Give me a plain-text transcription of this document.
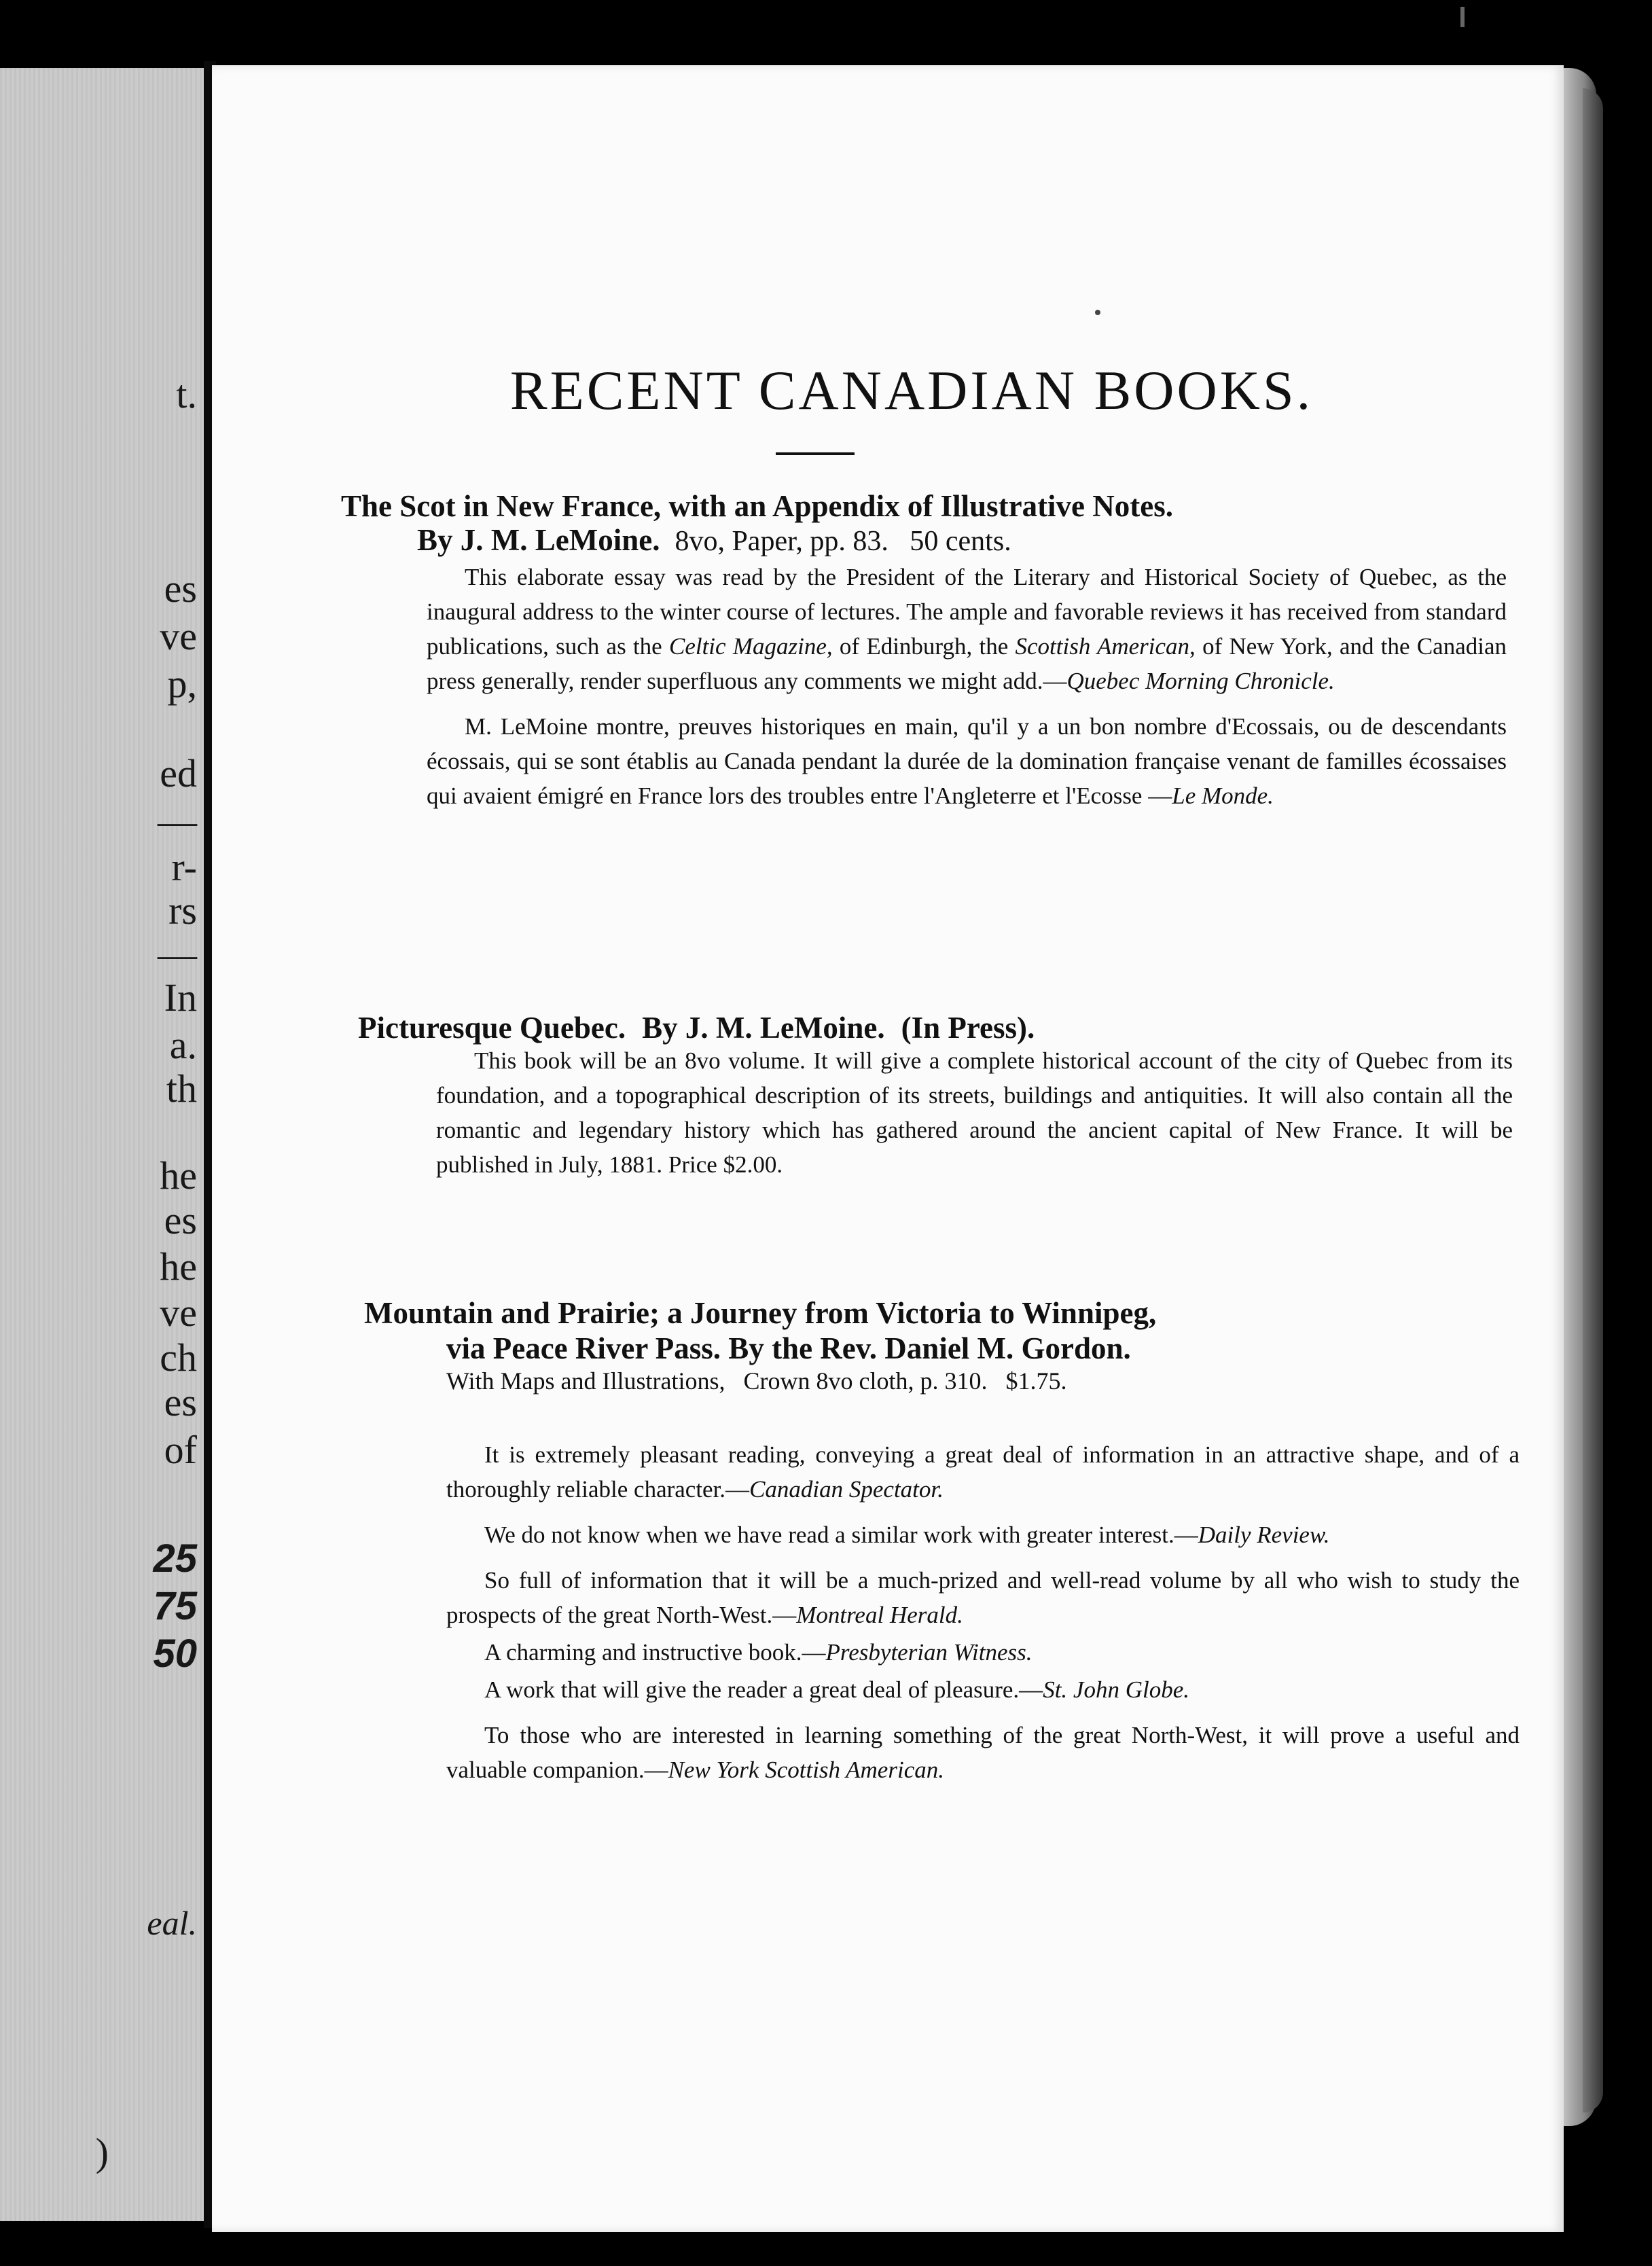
t.
es
ve
p,
ed
—
r-
rs
—
In
a.
th
he
es
he
ve
ch
es
of
25
75
50
eal.
)
RECENT CANADIAN BOOKS.
The Scot in New France, with an Appendix of Illustrative Notes.
By J. M. LeMoine. 8vo, Paper, pp. 83.   50 cents.

This elaborate essay was read by the President of the Literary and Historical Society of Quebec, as the inaugural address to the winter course of lectures. The ample and favorable reviews it has received from standard publications, such as the Celtic Magazine, of Edinburgh, the Scottish American, of New York, and the Canadian press generally, render superfluous any comments we might add.—Quebec Morning Chronicle.

M. LeMoine montre, preuves historiques en main, qu'il y a un bon nombre d'Ecossais, ou de descendants écossais, qui se sont établis au Canada pendant la durée de la domination française venant de familles écossaises qui avaient émigré en France lors des troubles entre l'Angleterre et l'Ecosse —Le Monde.

Picturesque Quebec. By J. M. LeMoine. (In Press).

This book will be an 8vo volume. It will give a complete historical account of the city of Quebec from its foundation, and a topographical description of its streets, buildings and antiquities. It will also contain all the romantic and legendary history which has gathered around the ancient capital of New France. It will be published in July, 1881. Price $2.00.

Mountain and Prairie; a Journey from Victoria to Winnipeg,
via Peace River Pass. By the Rev. Daniel M. Gordon.
With Maps and Illustrations,   Crown 8vo cloth, p. 310.   $1.75.

It is extremely pleasant reading, conveying a great deal of information in an attractive shape, and of a thoroughly reliable character.—Canadian Spectator.

We do not know when we have read a similar work with greater interest.—Daily Review.

So full of information that it will be a much-prized and well-read volume by all who wish to study the prospects of the great North-West.—Montreal Herald.

A charming and instructive book.—Presbyterian Witness.

A work that will give the reader a great deal of pleasure.—St. John Globe.

To those who are interested in learning something of the great North-West, it will prove a useful and valuable companion.—New York Scottish American.
